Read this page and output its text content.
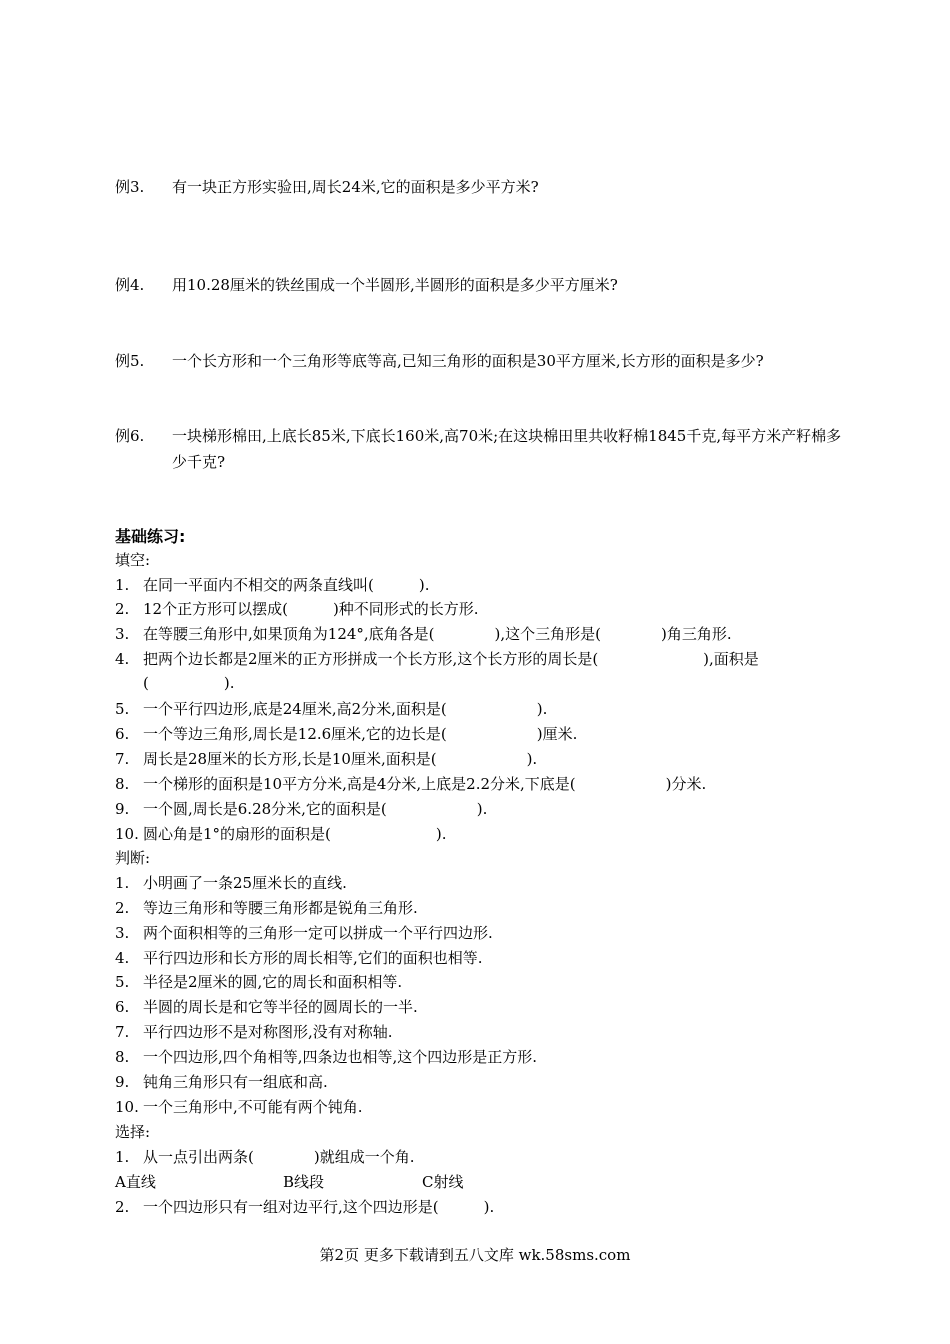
例3. 有一块正方形实验田,周长24米,它的面积是多少平方米?
例4. 用10.28厘米的铁丝围成一个半圆形,半圆形的面积是多少平方厘米?
例5. 一个长方形和一个三角形等底等高,已知三角形的面积是30平方厘米,长方形的面积是多少?
例6. 一块梯形棉田,上底长85米,下底长160米,高70米;在这块棉田里共收籽棉1845千克,每平方米产籽棉多少千克?
基础练习:
填空:
1. 在同一平面内不相交的两条直线叫(　　　).
2. 12个正方形可以摆成(　　　)种不同形式的长方形.
3. 在等腰三角形中,如果顶角为124°,底角各是(　　　　),这个三角形是(　　　　)角三角形.
4. 把两个边长都是2厘米的正方形拼成一个长方形,这个长方形的周长是(　　　　　　　),面积是(　　　　　).
5. 一个平行四边形,底是24厘米,高2分米,面积是(　　　　　　).
6. 一个等边三角形,周长是12.6厘米,它的边长是(　　　　　　)厘米.
7. 周长是28厘米的长方形,长是10厘米,面积是(　　　　　　).
8. 一个梯形的面积是10平方分米,高是4分米,上底是2.2分米,下底是(　　　　　　)分米.
9. 一个圆,周长是6.28分米,它的面积是(　　　　　　).
10. 圆心角是1°的扇形的面积是(　　　　　　　).
判断:
1. 小明画了一条25厘米长的直线.
2. 等边三角形和等腰三角形都是锐角三角形.
3. 两个面积相等的三角形一定可以拼成一个平行四边形.
4. 平行四边形和长方形的周长相等,它们的面积也相等.
5. 半径是2厘米的圆,它的周长和面积相等.
6. 半圆的周长是和它等半径的圆周长的一半.
7. 平行四边形不是对称图形,没有对称轴.
8. 一个四边形,四个角相等,四条边也相等,这个四边形是正方形.
9. 钝角三角形只有一组底和高.
10. 一个三角形中,不可能有两个钝角.
选择:
1. 从一点引出两条(　　　　)就组成一个角.
A直线	B线段	C射线
2. 一个四边形只有一组对边平行,这个四边形是(　　　).
第2页 更多下载请到五八文库 wk.58sms.com
